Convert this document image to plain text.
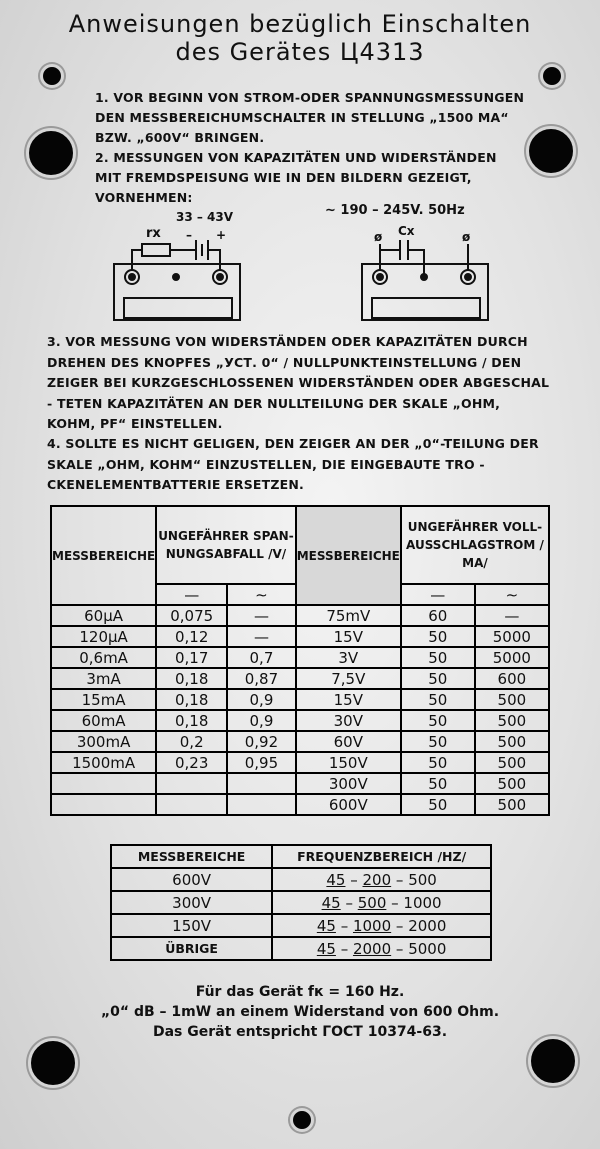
Anweisungen bezüglich Einschalten
des Gerätes Ц4313
1. VOR BEGINN VON STROM-ODER SPANNUNGSMESSUNGEN DEN MESSBEREICHUMSCHALTER IN STELLUNG „1500 MA“ BZW. „600V“ BRINGEN.
2. MESSUNGEN VON KAPAZITÄTEN UND WIDERSTÄNDEN MIT FREMDSPEISUNG WIE IN DEN BILDERN GEZEIGT, VORNEHMEN:
33 – 43V
rx – +
∼ 190 – 245V. 50Hz
Cx
ø	ø
3. VOR MESSUNG VON WIDERSTÄNDEN ODER KAPAZITÄTEN DURCH DREHEN DES KNOPFES „УСТ. 0“ / NULLPUNKTEINSTELLUNG / DEN ZEIGER BEI KURZGESCHLOSSENEN WIDERSTÄNDEN ODER ABGESCHAL - TETEN KAPAZITÄTEN AN DER NULLTEILUNG DER SKALE „OHM, KOHM, PF“ EINSTELLEN.
4. SOLLTE ES NICHT GELIGEN, DEN ZEIGER AN DER „0“-TEILUNG DER SKALE „OHM, KOHM“ EINZUSTELLEN, DIE EINGEBAUTE TRO - CKENELEMENTBATTERIE ERSETZEN.
MESSBEREICHE	UNGEFÄHRER SPAN-NUNGSABFALL /V/		MESSBEREICHE	UNGEFÄHRER VOLL-AUSSCHLAGSTROM /ΜA/	
	—	∼		—	∼
60µA	0,075	—	75mV	60	—
120µA	0,12	—	15V	50	5000
0,6mA	0,17	0,7	3V	50	5000
3mA	0,18	0,87	7,5V	50	600
15mA	0,18	0,9	15V	50	500
60mA	0,18	0,9	30V	50	500
300mA	0,2	0,92	60V	50	500
1500mA	0,23	0,95	150V	50	500
			300V	50	500
			600V	50	500
MESSBEREICHE	FREQUENZBEREICH /HZ/
600V	45 – 200 – 500
300V	45 – 500 – 1000
150V	45 – 1000 – 2000
ÜBRIGE	45 – 2000 – 5000
Für das Gerät fк = 160 Hz.
„0“ dB – 1mW an einem Widerstand von 600 Ohm.
Das Gerät entspricht ГОСТ 10374-63.
